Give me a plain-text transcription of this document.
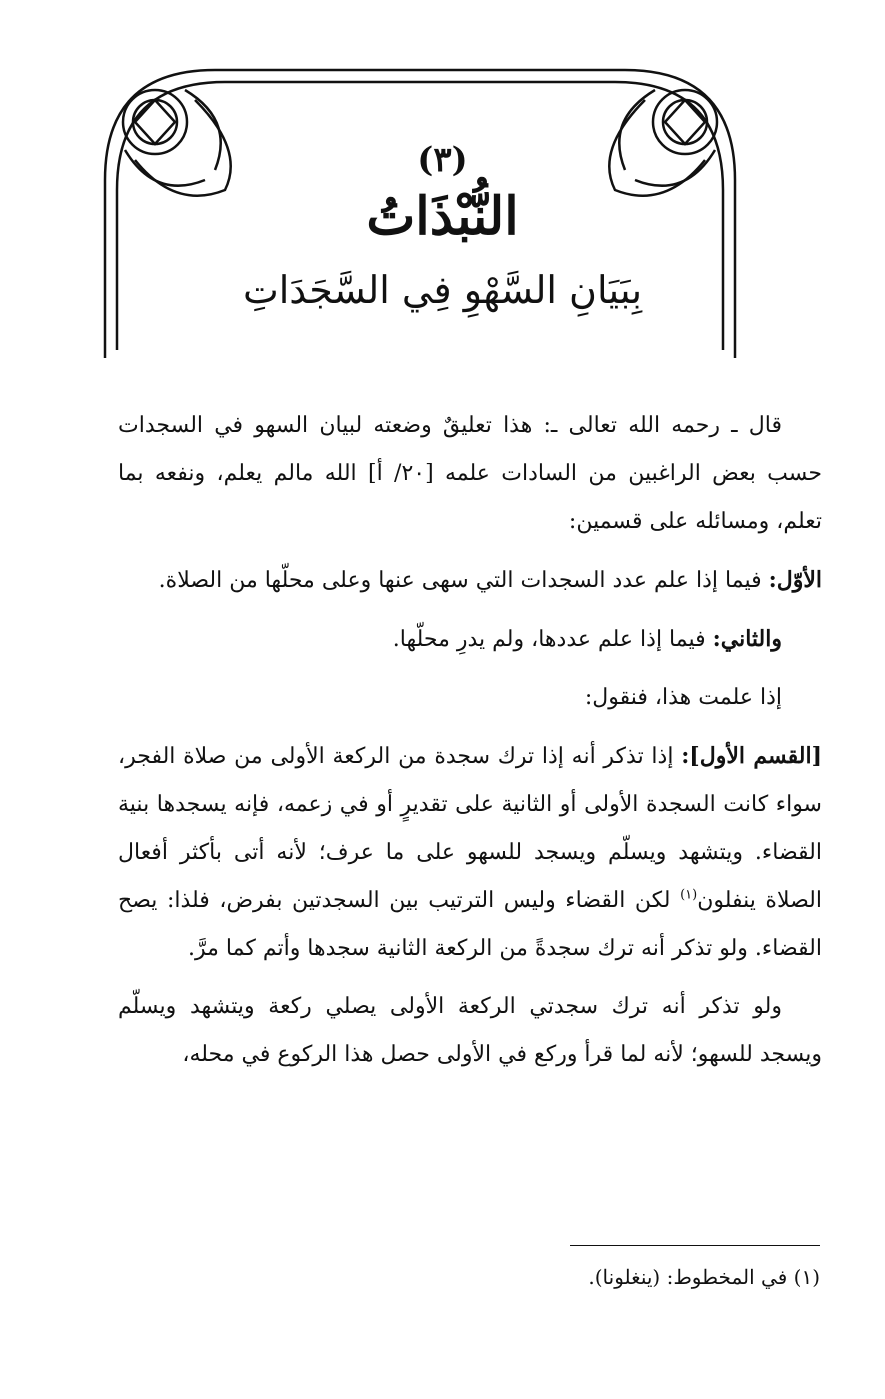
(٣)
النُّبْذَاتُ
بِبَيَانِ السَّهْوِ فِي السَّجَدَاتِ

قال ـ رحمه الله تعالى ـ: هذا تعليقٌ وضعته لبيان السهو في السجدات حسب بعض الراغبين من السادات علمه [٢٠/ أ] الله مالم يعلم، ونفعه بما تعلم، ومسائله على قسمين:

الأوّل: فيما إذا علم عدد السجدات التي سهى عنها وعلى محلّها من الصلاة.

والثاني: فيما إذا علم عددها، ولم يدرِ محلّها.

إذا علمت هذا، فنقول:

[القسم الأول]: إذا تذكر أنه إذا ترك سجدة من الركعة الأولى من صلاة الفجر، سواء كانت السجدة الأولى أو الثانية على تقديرٍ أو في زعمه، فإنه يسجدها بنية القضاء. ويتشهد ويسلّم ويسجد للسهو على ما عرف؛ لأنه أتى بأكثر أفعال الصلاة ينفلون$^{(١)}$ لكن القضاء وليس الترتيب بين السجدتين بفرض، فلذا: يصح القضاء. ولو تذكر أنه ترك سجدةً من الركعة الثانية سجدها وأتم كما مرَّ.

ولو تذكر أنه ترك سجدتي الركعة الأولى يصلي ركعة ويتشهد ويسلّم ويسجد للسهو؛ لأنه لما قرأ وركع في الأولى حصل هذا الركوع في محله،

(١) في المخطوط: (ينغلونا).
